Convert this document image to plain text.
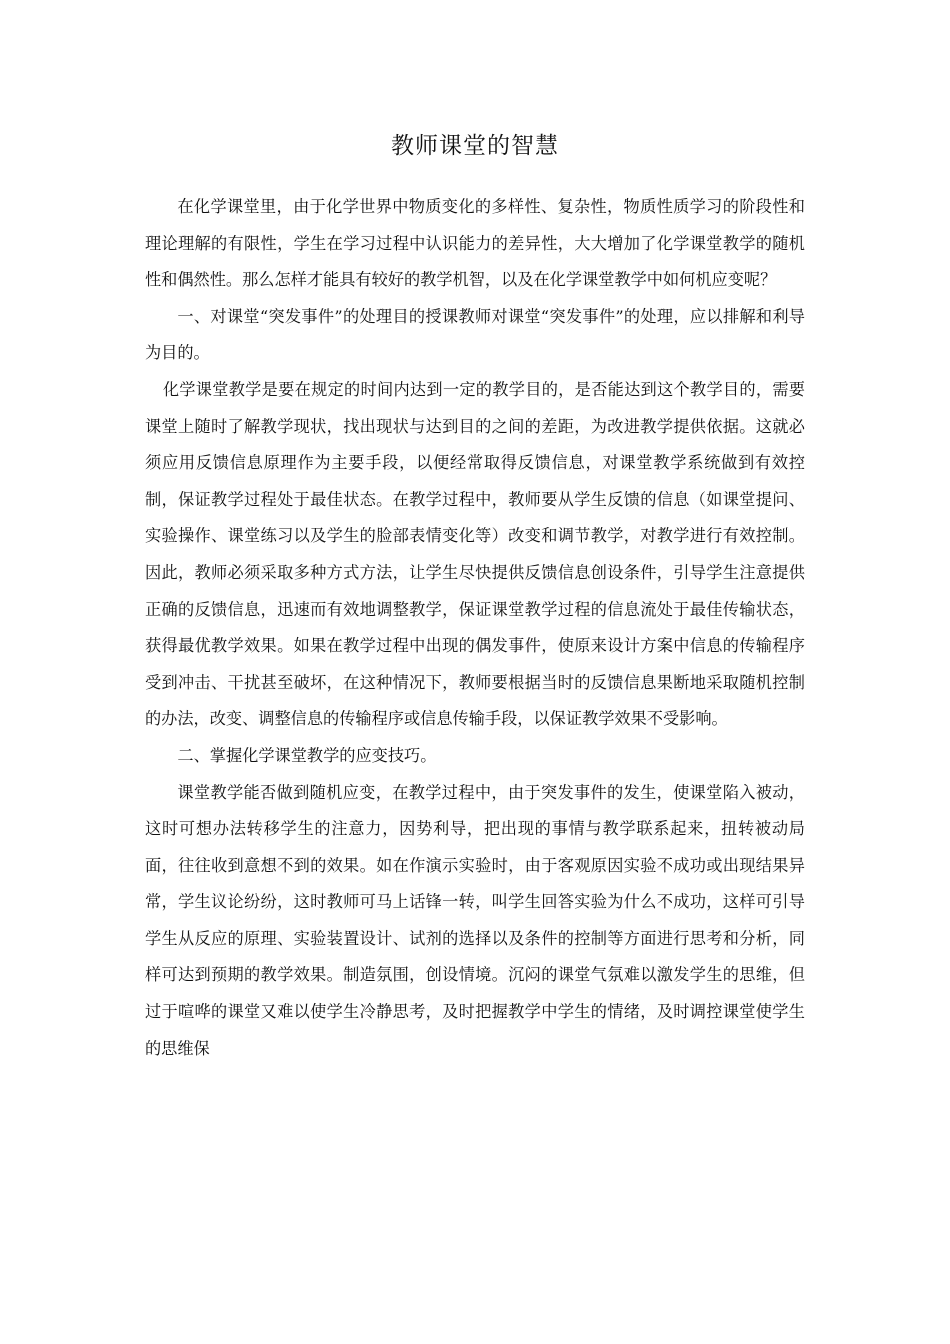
教师课堂的智慧

在化学课堂里，由于化学世界中物质变化的多样性、复杂性，物质性质学习的阶段性和理论理解的有限性，学生在学习过程中认识能力的差异性，大大增加了化学课堂教学的随机性和偶然性。那么怎样才能具有较好的教学机智，以及在化学课堂教学中如何机应变呢？

一、对课堂“突发事件”的处理目的授课教师对课堂“突发事件”的处理，应以排解和利导为目的。

化学课堂教学是要在规定的时间内达到一定的教学目的，是否能达到这个教学目的，需要课堂上随时了解教学现状，找出现状与达到目的之间的差距，为改进教学提供依据。这就必须应用反馈信息原理作为主要手段，以便经常取得反馈信息，对课堂教学系统做到有效控制，保证教学过程处于最佳状态。在教学过程中，教师要从学生反馈的信息（如课堂提问、实验操作、课堂练习以及学生的脸部表情变化等）改变和调节教学，对教学进行有效控制。因此，教师必须采取多种方式方法，让学生尽快提供反馈信息创设条件，引导学生注意提供正确的反馈信息，迅速而有效地调整教学，保证课堂教学过程的信息流处于最佳传输状态，获得最优教学效果。如果在教学过程中出现的偶发事件，使原来设计方案中信息的传输程序受到冲击、干扰甚至破坏，在这种情况下，教师要根据当时的反馈信息果断地采取随机控制的办法，改变、调整信息的传输程序或信息传输手段，以保证教学效果不受影响。

二、掌握化学课堂教学的应变技巧。

课堂教学能否做到随机应变，在教学过程中，由于突发事件的发生，使课堂陷入被动，这时可想办法转移学生的注意力，因势利导，把出现的事情与教学联系起来，扭转被动局面，往往收到意想不到的效果。如在作演示实验时，由于客观原因实验不成功或出现结果异常，学生议论纷纷，这时教师可马上话锋一转，叫学生回答实验为什么不成功，这样可引导学生从反应的原理、实验装置设计、试剂的选择以及条件的控制等方面进行思考和分析，同样可达到预期的教学效果。制造氛围，创设情境。沉闷的课堂气氛难以激发学生的思维，但过于喧哗的课堂又难以使学生冷静思考，及时把握教学中学生的情绪，及时调控课堂使学生的思维保
